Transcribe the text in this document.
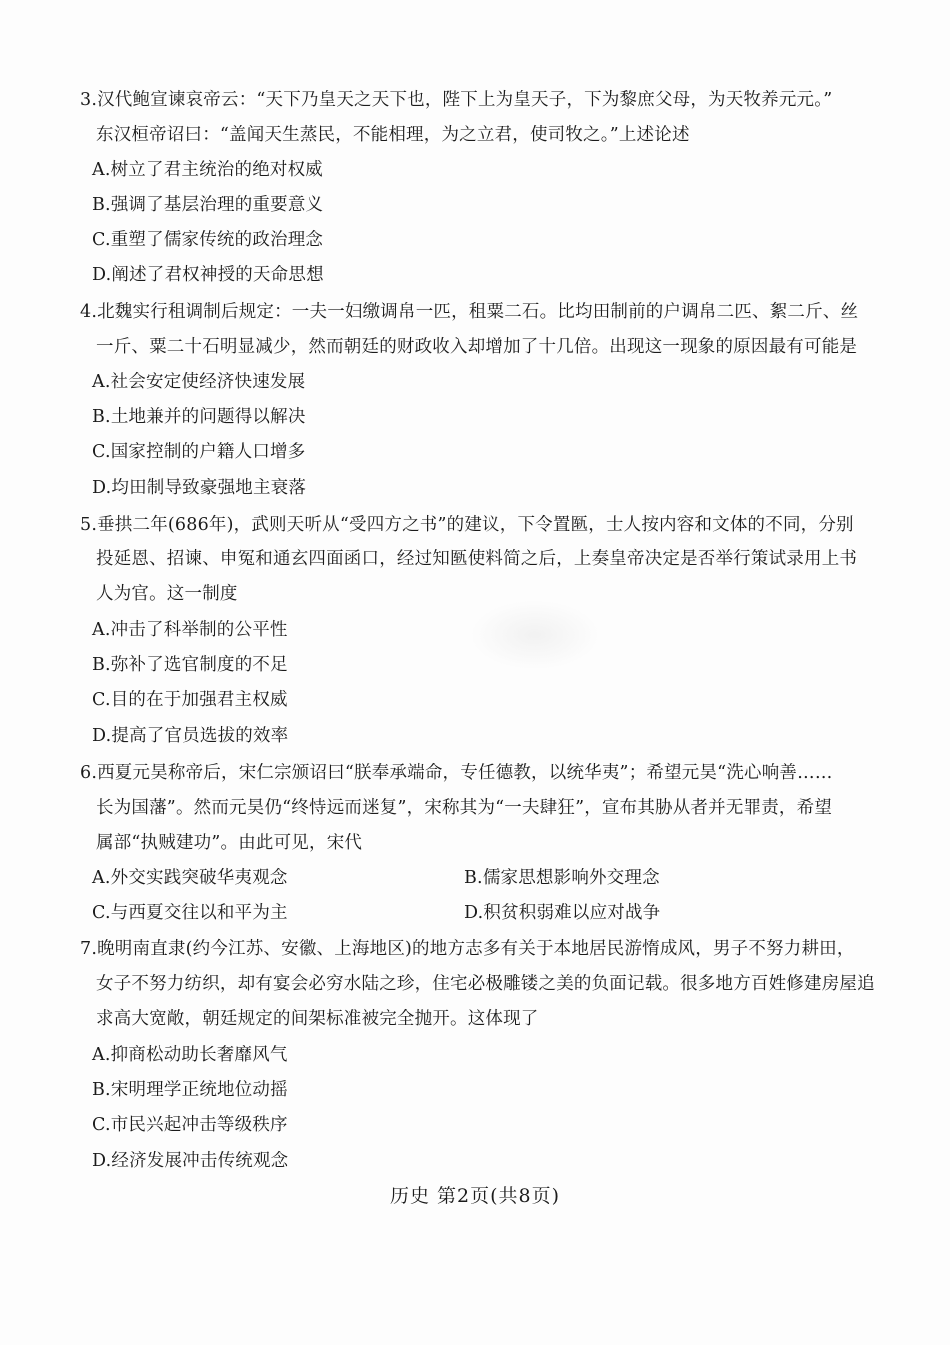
3.汉代鲍宣谏哀帝云：“天下乃皇天之天下也，陛下上为皇天子，下为黎庶父母，为天牧养元元。”
东汉桓帝诏曰：“盖闻天生蒸民，不能相理，为之立君，使司牧之。”上述论述
A.树立了君主统治的绝对权威
B.强调了基层治理的重要意义
C.重塑了儒家传统的政治理念
D.阐述了君权神授的天命思想
4.北魏实行租调制后规定：一夫一妇缴调帛一匹，租粟二石。比均田制前的户调帛二匹、絮二斤、丝
一斤、粟二十石明显减少，然而朝廷的财政收入却增加了十几倍。出现这一现象的原因最有可能是
A.社会安定使经济快速发展
B.土地兼并的问题得以解决
C.国家控制的户籍人口增多
D.均田制导致豪强地主衰落
5.垂拱二年(686年)，武则天听从“受四方之书”的建议，下令置匦，士人按内容和文体的不同，分别
投延恩、招谏、申冤和通玄四面函口，经过知匦使料简之后，上奏皇帝决定是否举行策试录用上书
人为官。这一制度
A.冲击了科举制的公平性
B.弥补了选官制度的不足
C.目的在于加强君主权威
D.提高了官员选拔的效率
6.西夏元昊称帝后，宋仁宗颁诏曰“朕奉承端命，专任德教，以统华夷”；希望元昊“洗心响善……
长为国藩”。然而元昊仍“终恃远而迷复”，宋称其为“一夫肆狂”，宣布其胁从者并无罪责，希望
属部“执贼建功”。由此可见，宋代
A.外交实践突破华夷观念	B.儒家思想影响外交理念
C.与西夏交往以和平为主	D.积贫积弱难以应对战争
7.晚明南直隶(约今江苏、安徽、上海地区)的地方志多有关于本地居民游惰成风，男子不努力耕田，
女子不努力纺织，却有宴会必穷水陆之珍，住宅必极雕镂之美的负面记载。很多地方百姓修建房屋追
求高大宽敞，朝廷规定的间架标准被完全抛开。这体现了
A.抑商松动助长奢靡风气
B.宋明理学正统地位动摇
C.市民兴起冲击等级秩序
D.经济发展冲击传统观念
历史 第2页(共8页)
